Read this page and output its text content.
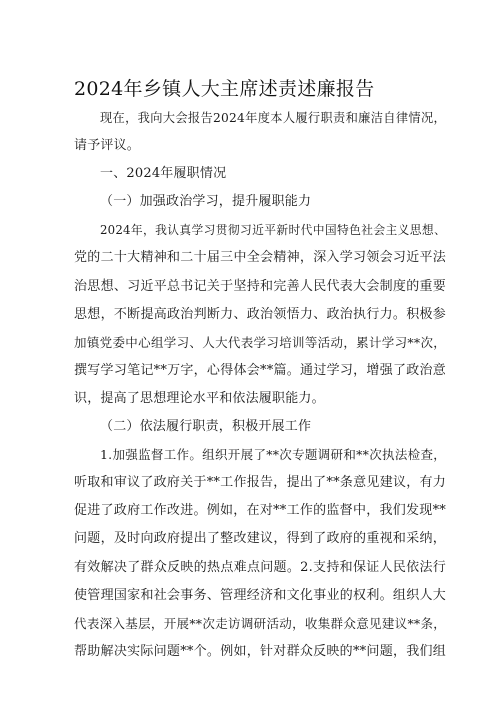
2024年乡镇人大主席述责述廉报告
现在，我向大会报告2024年度本人履行职责和廉洁自律情况，
请予评议。
一、2024年履职情况
（一）加强政治学习，提升履职能力
2024年，我认真学习贯彻习近平新时代中国特色社会主义思想、
党的二十大精神和二十届三中全会精神，深入学习领会习近平法
治思想、习近平总书记关于坚持和完善人民代表大会制度的重要
思想，不断提高政治判断力、政治领悟力、政治执行力。积极参
加镇党委中心组学习、人大代表学习培训等活动，累计学习**次，
撰写学习笔记**万字，心得体会**篇。通过学习，增强了政治意
识，提高了思想理论水平和依法履职能力。
（二）依法履行职责，积极开展工作
1.加强监督工作。组织开展了**次专题调研和**次执法检查，
听取和审议了政府关于**工作报告，提出了**条意见建议，有力
促进了政府工作改进。例如，在对**工作的监督中，我们发现**
问题，及时向政府提出了整改建议，得到了政府的重视和采纳，
有效解决了群众反映的热点难点问题。2.支持和保证人民依法行
使管理国家和社会事务、管理经济和文化事业的权利。组织人大
代表深入基层，开展**次走访调研活动，收集群众意见建议**条，
帮助解决实际问题**个。例如，针对群众反映的**问题，我们组
